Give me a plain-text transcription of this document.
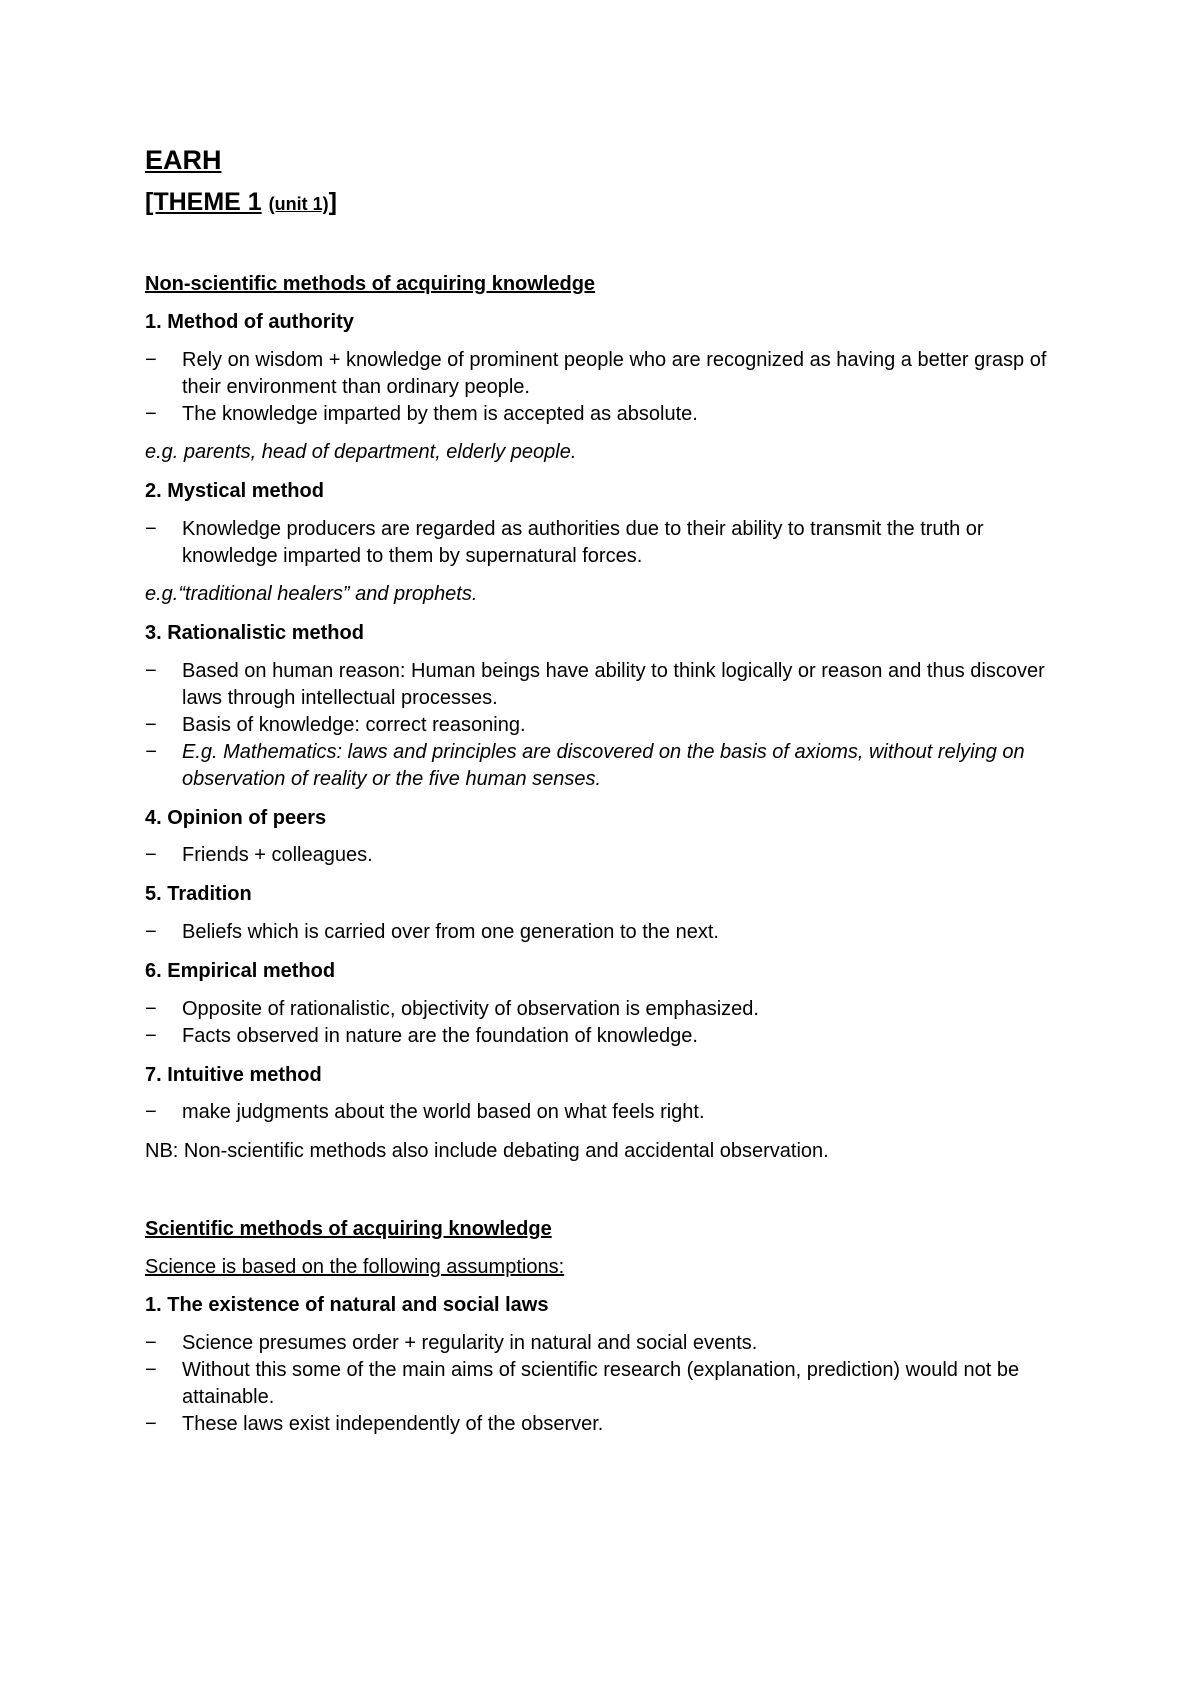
EARH

[THEME 1 (unit 1)]

Non-scientific methods of acquiring knowledge

1. Method of authority

− Rely on wisdom + knowledge of prominent people who are recognized as having a better grasp of their environment than ordinary people.
− The knowledge imparted by them is accepted as absolute.

e.g. parents, head of department, elderly people.

2. Mystical method

− Knowledge producers are regarded as authorities due to their ability to transmit the truth or knowledge imparted to them by supernatural forces.

e.g.“traditional healers” and prophets.

3. Rationalistic method

− Based on human reason: Human beings have ability to think logically or reason and thus discover laws through intellectual processes.
− Basis of knowledge: correct reasoning.
− E.g. Mathematics: laws and principles are discovered on the basis of axioms, without relying on observation of reality or the five human senses.

4. Opinion of peers

− Friends + colleagues.

5. Tradition

− Beliefs which is carried over from one generation to the next.

6. Empirical method

− Opposite of rationalistic, objectivity of observation is emphasized.
− Facts observed in nature are the foundation of knowledge.

7. Intuitive method

− make judgments about the world based on what feels right.

NB: Non-scientific methods also include debating and accidental observation.

Scientific methods of acquiring knowledge

Science is based on the following assumptions:

1. The existence of natural and social laws

− Science presumes order + regularity in natural and social events.
− Without this some of the main aims of scientific research (explanation, prediction) would not be attainable.
− These laws exist independently of the observer.
